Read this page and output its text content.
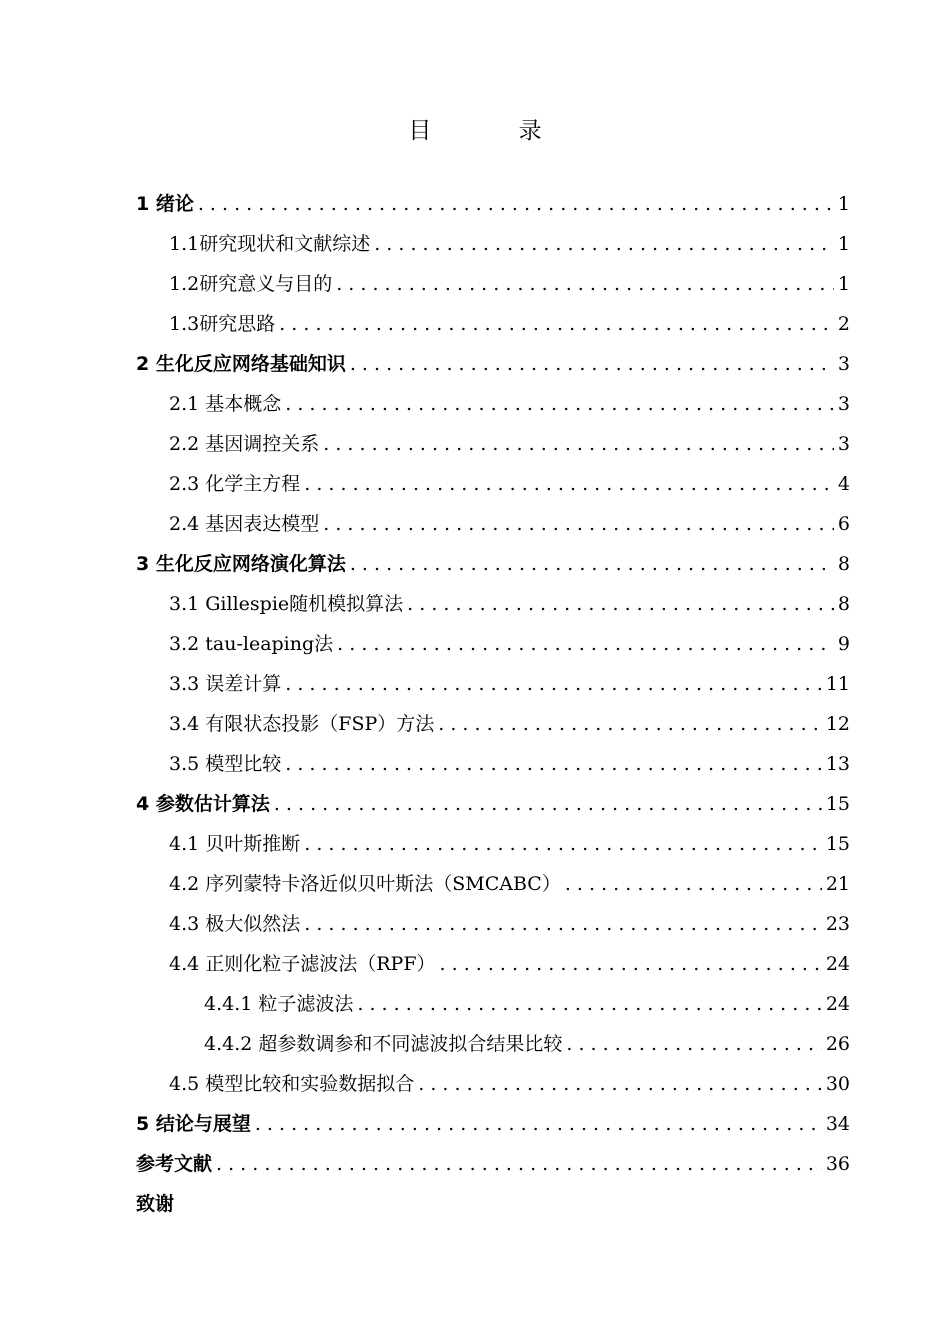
目 录
1 绪论 . . .	1
1.1研究现状和文献综述 . . .	1
1.2研究意义与目的 . . .	1
1.3研究思路 . . .	2
2 生化反应网络基础知识 . . .	3
2.1 基本概念 . . .	3
2.2 基因调控关系 . . .	3
2.3 化学主方程 . . .	4
2.4 基因表达模型 . . .	6
3 生化反应网络演化算法 . . .	8
3.1 Gillespie随机模拟算法 . . .	8
3.2 tau-leaping法 . . .	9
3.3 误差计算 . . .	11
3.4 有限状态投影（FSP）方法 . . .	12
3.5 模型比较 . . .	13
4 参数估计算法 . . .	15
4.1 贝叶斯推断 . . .	15
4.2 序列蒙特卡洛近似贝叶斯法（SMCABC） . . .	21
4.3 极大似然法 . . .	23
4.4 正则化粒子滤波法（RPF） . . .	24
4.4.1 粒子滤波法 . . .	24
4.4.2 超参数调参和不同滤波拟合结果比较 . . .	26
4.5 模型比较和实验数据拟合 . . .	30
5 结论与展望 . . .	34
参考文献 . . .	36
致谢
